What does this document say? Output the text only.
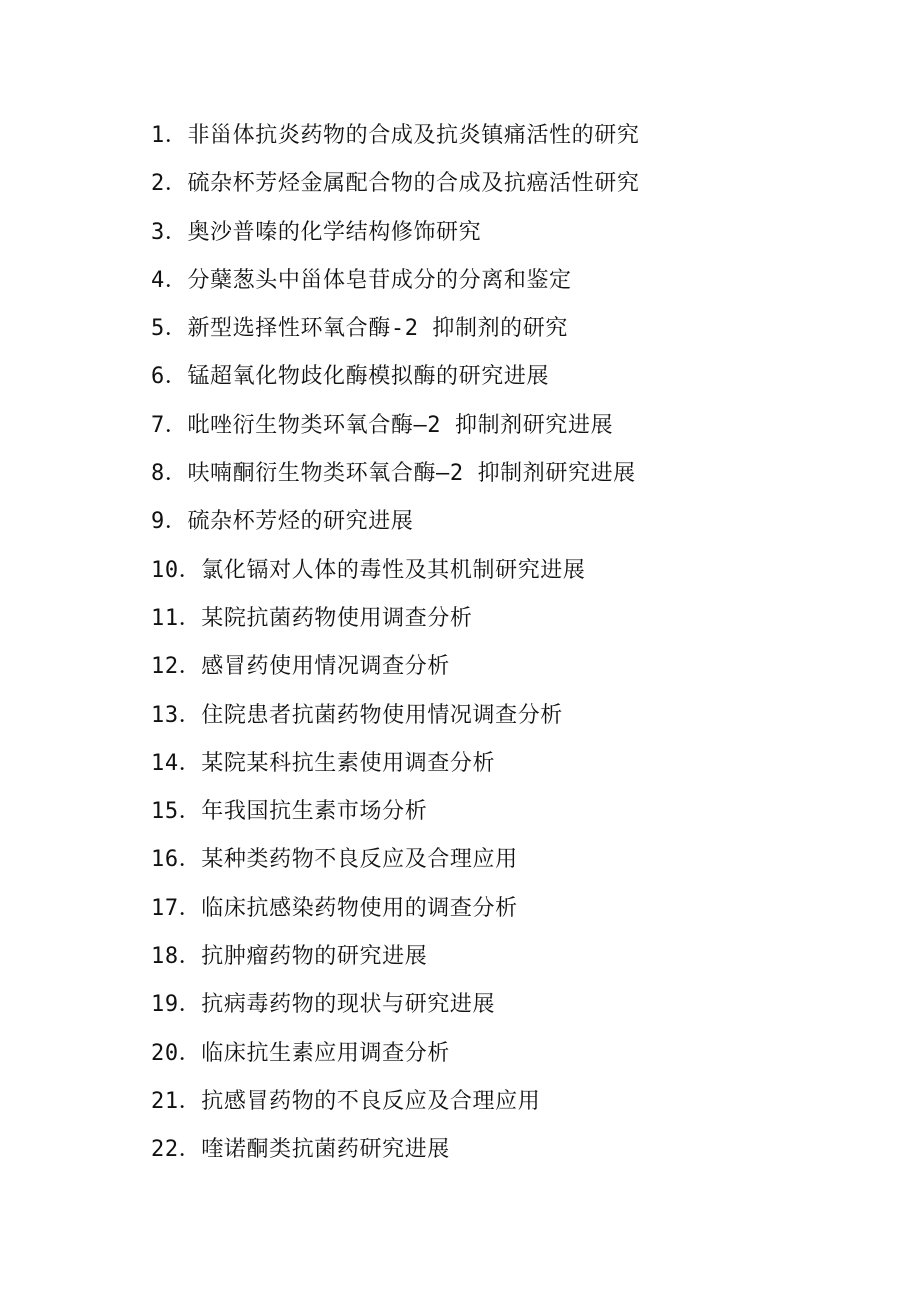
1．非甾体抗炎药物的合成及抗炎镇痛活性的研究
2．硫杂杯芳烃金属配合物的合成及抗癌活性研究
3．奥沙普嗪的化学结构修饰研究
4．分蘖葱头中甾体皂苷成分的分离和鉴定
5．新型选择性环氧合酶-2 抑制剂的研究
6．锰超氧化物歧化酶模拟酶的研究进展
7．吡唑衍生物类环氧合酶—2 抑制剂研究进展
8．呋喃酮衍生物类环氧合酶—2 抑制剂研究进展
9．硫杂杯芳烃的研究进展
10．氯化镉对人体的毒性及其机制研究进展
11．某院抗菌药物使用调查分析
12．感冒药使用情况调查分析
13．住院患者抗菌药物使用情况调查分析
14．某院某科抗生素使用调查分析
15．年我国抗生素市场分析
16．某种类药物不良反应及合理应用
17．临床抗感染药物使用的调查分析
18．抗肿瘤药物的研究进展
19．抗病毒药物的现状与研究进展
20．临床抗生素应用调查分析
21．抗感冒药物的不良反应及合理应用
22．喹诺酮类抗菌药研究进展
